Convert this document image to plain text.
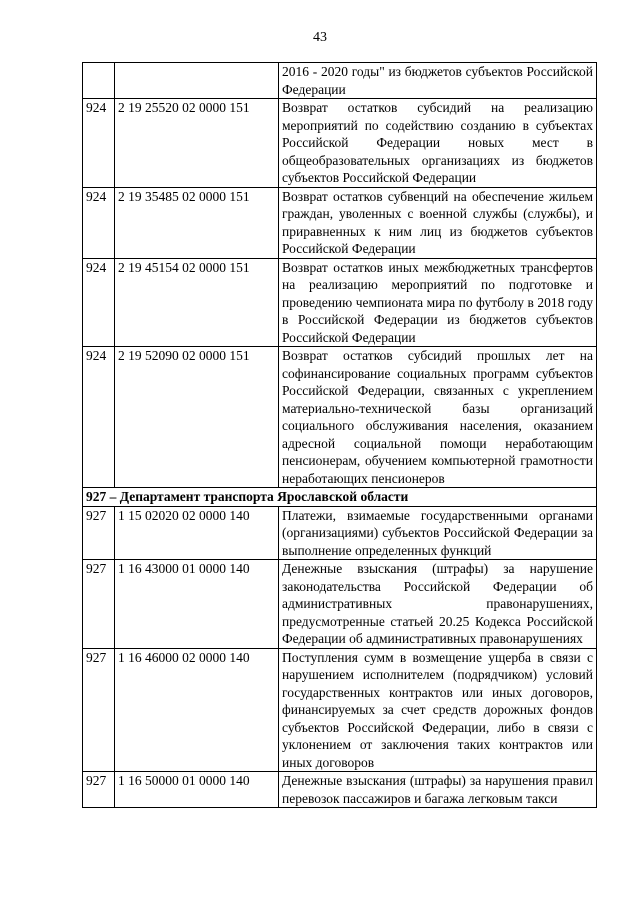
43
		2016 - 2020 годы" из бюджетов субъектов Российской Федерации
924	2 19 25520 02 0000 151	Возврат остатков субсидий на реализацию мероприятий по содействию созданию в субъектах Российской Федерации новых мест в общеобразовательных организациях из бюджетов субъектов Российской Федерации
924	2 19 35485 02 0000 151	Возврат остатков субвенций на обеспечение жильем граждан, уволенных с военной службы (службы), и приравненных к ним лиц из бюджетов субъектов Российской Федерации
924	2 19 45154 02 0000 151	Возврат остатков иных межбюджетных трансфертов на реализацию мероприятий по подготовке и проведению чемпионата мира по футболу в 2018 году в Российской Федерации из бюджетов субъектов Российской Федерации
924	2 19 52090 02 0000 151	Возврат остатков субсидий прошлых лет на софинансирование социальных программ субъектов Российской Федерации, связанных с укреплением материально-технической базы организаций социального обслуживания населения, оказанием адресной социальной помощи неработающим пенсионерам, обучением компьютерной грамотности неработающих пенсионеров
927 – Департамент транспорта Ярославской области		
927	1 15 02020 02 0000 140	Платежи, взимаемые государственными органами (организациями) субъектов Российской Федерации за выполнение определенных функций
927	1 16 43000 01 0000 140	Денежные взыскания (штрафы) за нарушение законодательства Российской Федерации об административных правонарушениях, предусмотренные статьей 20.25 Кодекса Российской Федерации об административных правонарушениях
927	1 16 46000 02 0000 140	Поступления сумм в возмещение ущерба в связи с нарушением исполнителем (подрядчиком) условий государственных контрактов или иных договоров, финансируемых за счет средств дорожных фондов субъектов Российской Федерации, либо в связи с уклонением от заключения таких контрактов или иных договоров
927	1 16 50000 01 0000 140	Денежные взыскания (штрафы) за нарушения правил перевозок пассажиров и багажа легковым такси
